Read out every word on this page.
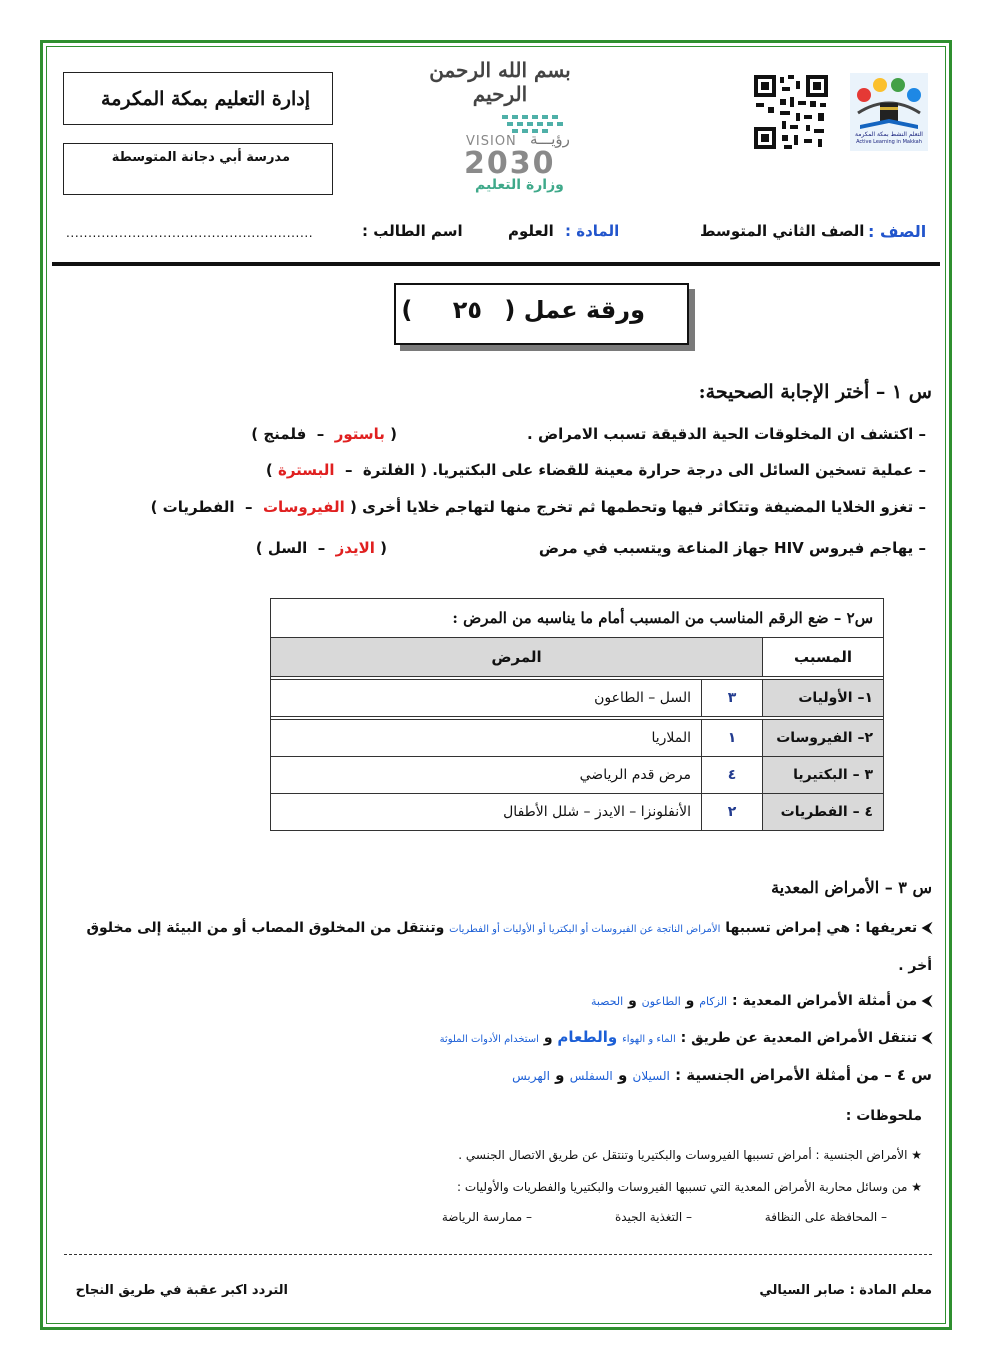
إدارة التعليم بمكة المكرمة
مدرسة أبي دجانة المتوسطة
بسم الله الرحمن الرحيم
VISION رؤيـــة
2030
وزارة التعليم
التعلم النشط بمكة المكرمة
Active Learning in Makkah
الصف :
الصف الثاني المتوسط
المادة :
العلوم
اسم الطالب :
........................................................
ورقة عمل ( ٢٥ )
س ١ – أختر الإجابة الصحيحة:
– اكتشف ان المخلوقات الحية الدقيقة تسبب الامراض .
( باستور  –  فلمنج )
– عملية تسخين السائل الى درجة حرارة معينة للقضاء على البكتيريا.
( الفلترة  –  البسترة )
– تغزو الخلايا المضيفة وتتكاثر فيها وتحطمها ثم تخرج منها لتهاجم خلايا أخرى ( الفيروسات  –  الفطريات )
– يهاجم فيروس HIV جهاز المناعة ويتسبب في مرض
( الايدز  –  السل )
س٢ – ضع الرقم المناسب من المسبب أمام ما يناسبه من المرض :		
المسبب	المرض	

١– الأوليات	٣	السل – الطاعون

٢– الفيروسات	١	الملاريا
٣ – البكتيريا	٤	مرض قدم الرياضي
٤ – الفطريات	٢	الأنفلونزا – الايدز – شلل الأطفال
س ٣ – الأمراض المعدية
⮜ تعريفها : هي إمراض تسببها الأمراض الناتجة عن الفيروسات أو البكتريا أو الأوليات أو الفطريات وتنتقل من المخلوق المصاب أو من البيئة إلى مخلوق
أخر .
⮜ من أمثلة الأمراض المعدية : الزكام و الطاعون و الحصبة
⮜ تنتقل الأمراض المعدية عن طريق : الماء و الهواء والطعام و استخدام الأدوات الملوثة
س ٤ – من أمثلة الأمراض الجنسية : السيلان و السفلس و الهربس
ملحوظات :
★ الأمراض الجنسية : أمراض تسببها الفيروسات والبكتيريا وتنتقل عن طريق الاتصال الجنسي .
★ من وسائل محاربة الأمراض المعدية التي تسببها الفيروسات والبكتيريا والفطريات والأوليات :
– المحافظة على النظافة
– التغذية الجيدة
– ممارسة الرياضة
معلم المادة : صابر السيالي
التردد اكبر عقبة في طريق النجاح
